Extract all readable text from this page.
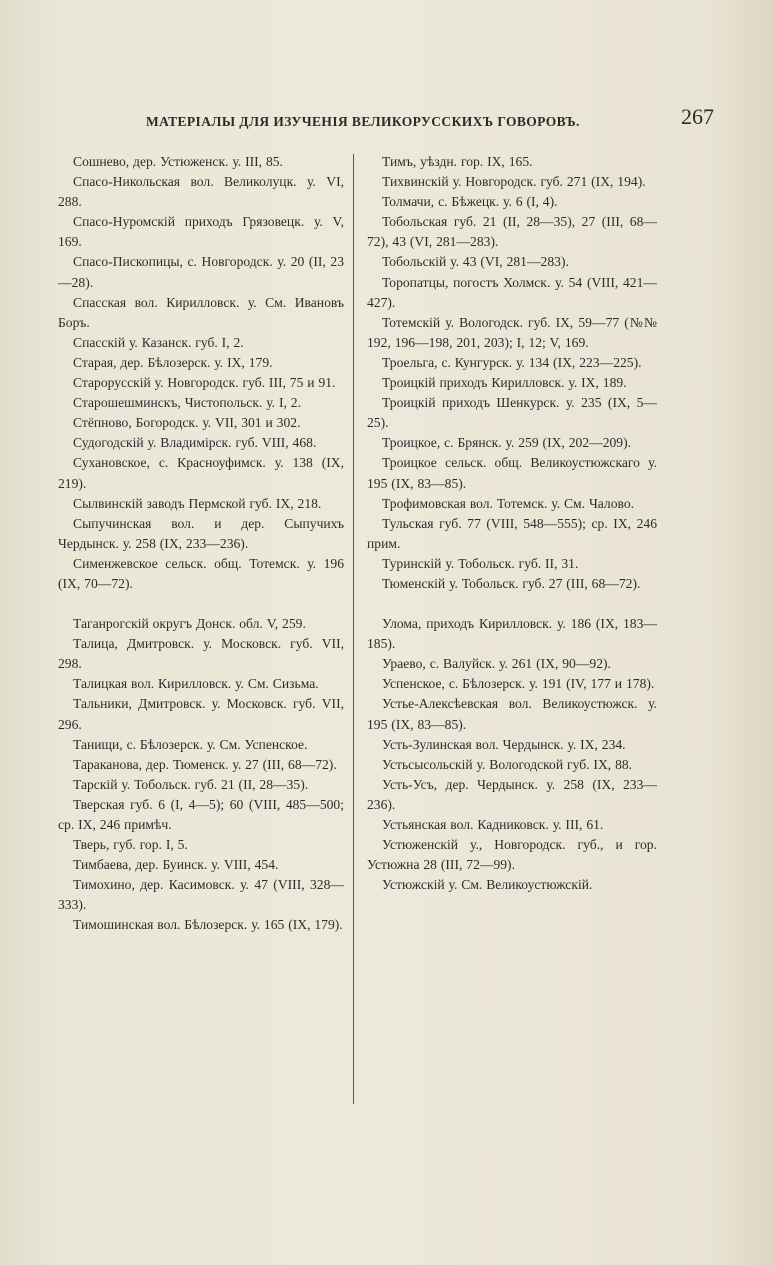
МАТЕРІАЛЫ ДЛЯ ИЗУЧЕНІЯ ВЕЛИКОРУССКИХЪ ГОВОРОВЪ.	267

Сошнево, дер. Устюженск. у. III, 85.

Спасо-Никольская вол. Великолуцк. у. VI, 288.

Спасо-Нуромскій приходъ Грязовецк. у. V, 169.

Спасо-Пископицы, с. Новгородск. у. 20 (II, 23—28).

Спасская вол. Кирилловск. у. См. Ивановъ Боръ.

Спасскій у. Казанск. губ. I, 2.

Старая, дер. Бѣлозерск. у. IX, 179.

Старорусскій у. Новгородск. губ. III, 75 и 91.

Старошешминскъ, Чистопольск. у. I, 2.

Стёпново, Богородск. у. VII, 301 и 302.

Судогодскій у. Владимірск. губ. VIII, 468.

Сухановское, с. Красноуфимск. у. 138 (IX, 219).

Сылвинскій заводъ Пермской губ. IX, 218.

Сыпучинская вол. и дер. Сыпучихъ Чердынск. у. 258 (IX, 233—236).

Сименжевское сельск. общ. Тотемск. у. 196 (IX, 70—72).

Таганрогскій округъ Донск. обл. V, 259.

Талица, Дмитровск. у. Московск. губ. VII, 298.

Талицкая вол. Кирилловск. у. См. Сизьма.

Тальники, Дмитровск. у. Московск. губ. VII, 296.

Танищи, с. Бѣлозерск. у. См. Успенское.

Тараканова, дер. Тюменск. у. 27 (III, 68—72).

Тарскій у. Тобольск. губ. 21 (II, 28—35).

Тверская губ. 6 (I, 4—5); 60 (VIII, 485—500; ср. IX, 246 примѣч.

Тверь, губ. гор. I, 5.

Тимбаева, дер. Буинск. у. VIII, 454.

Тимохино, дер. Касимовск. у. 47 (VIII, 328—333).

Тимошинская вол. Бѣлозерск. у. 165 (IX, 179).

Тимъ, уѣздн. гор. IX, 165.

Тихвинскій у. Новгородск. губ. 271 (IX, 194).

Толмачи, с. Бѣжецк. у. 6 (I, 4).

Тобольская губ. 21 (II, 28—35), 27 (III, 68—72), 43 (VI, 281—283).

Тобольскій у. 43 (VI, 281—283).

Торопатцы, погостъ Холмск. у. 54 (VIII, 421—427).

Тотемскій у. Вологодск. губ. IX, 59—77 (№№ 192, 196—198, 201, 203); I, 12; V, 169.

Троельга, с. Кунгурск. у. 134 (IX, 223—225).

Троицкій приходъ Кирилловск. у. IX, 189.

Троицкій приходъ Шенкурск. у. 235 (IX, 5—25).

Троицкое, с. Брянск. у. 259 (IX, 202—209).

Троицкое сельск. общ. Великоустюжскаго у. 195 (IX, 83—85).

Трофимовская вол. Тотемск. у. См. Чалово.

Тульская губ. 77 (VIII, 548—555); ср. IX, 246 прим.

Туринскій у. Тобольск. губ. II, 31.

Тюменскій у. Тобольск. губ. 27 (III, 68—72).

Улома, приходъ Кирилловск. у. 186 (IX, 183—185).

Ураево, с. Валуйск. у. 261 (IX, 90—92).

Успенское, с. Бѣлозерск. у. 191 (IV, 177 и 178).

Устье-Алексѣевская вол. Великоустюжск. у. 195 (IX, 83—85).

Усть-Зулинская вол. Чердынск. у. IX, 234.

Устьсысольскій у. Вологодской губ. IX, 88.

Усть-Усъ, дер. Чердынск. у. 258 (IX, 233—236).

Устьянская вол. Кадниковск. у. III, 61.

Устюженскій у., Новгородск. губ., и гор. Устюжна 28 (III, 72—99).

Устюжскій у. См. Великоустюжскій.
